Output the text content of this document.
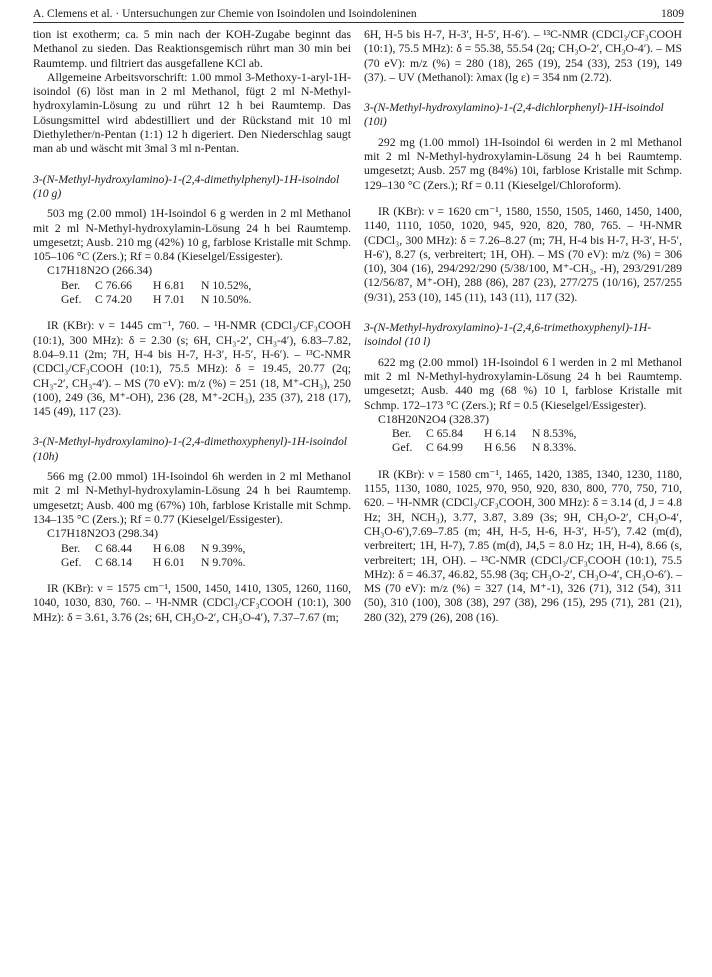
A. Clemens et al. · Untersuchungen zur Chemie von Isoindolen und Isoindoleninen	1809

tion ist exotherm; ca. 5 min nach der KOH-Zugabe beginnt das Methanol zu sieden. Das Reaktionsgemisch rührt man 30 min bei Raumtemp. und filtriert das ausgefallene KCl ab.

Allgemeine Arbeitsvorschrift: 1.00 mmol 3-Methoxy-1-aryl-1H-isoindol (6) löst man in 2 ml Methanol, fügt 2 ml N-Methyl-hydroxylamin-Lösung zu und rührt 12 h bei Raumtemp. Das Lösungsmittel wird abdestilliert und der Rückstand mit 10 ml Diethylether/n-Pentan (1:1) 12 h digeriert. Den Niederschlag saugt man ab und wäscht mit 3mal 3 ml n-Pentan.

3-(N-Methyl-hydroxylamino)-1-(2,4-dimethylphenyl)-1H-isoindol (10 g)

503 mg (2.00 mmol) 1H-Isoindol 6 g werden in 2 ml Methanol mit 2 ml N-Methyl-hydroxylamin-Lösung 24 h bei Raumtemp. umgesetzt; Ausb. 210 mg (42%) 10 g, farblose Kristalle mit Schmp. 105–106 °C (Zers.); Rf = 0.84 (Kieselgel/Essigester).

C17H18N2O (266.34)

Ber.	C 76.66	H 6.81	N 10.52%,
Gef.	C 74.20	H 7.01	N 10.50%.

IR (KBr): ν = 1445 cm⁻¹, 760. – ¹H-NMR (CDCl₃/CF₃COOH (10:1), 300 MHz): δ = 2.30 (s; 6H, CH₃-2′, CH₃-4′), 6.83–7.82, 8.04–9.11 (2m; 7H, H-4 bis H-7, H-3′, H-5′, H-6′). – ¹³C-NMR (CDCl₃/CF₃COOH (10:1), 75.5 MHz): δ = 19.45, 20.77 (2q; CH₃-2′, CH₃-4′). – MS (70 eV): m/z (%) = 251 (18, M⁺-CH₃), 250 (100), 249 (36, M⁺-OH), 236 (28, M⁺-2CH₃), 235 (37), 218 (17), 145 (49), 117 (23).

3-(N-Methyl-hydroxylamino)-1-(2,4-dimethoxyphenyl)-1H-isoindol (10h)

566 mg (2.00 mmol) 1H-Isoindol 6h werden in 2 ml Methanol mit 2 ml N-Methyl-hydroxylamin-Lösung 24 h bei Raumtemp. umgesetzt; Ausb. 400 mg (67%) 10h, farblose Kristalle mit Schmp. 134–135 °C (Zers.); Rf = 0.77 (Kieselgel/Essigester).

C17H18N2O3 (298.34)

Ber.	C 68.44	H 6.08	N 9.39%,
Gef.	C 68.14	H 6.01	N 9.70%.

IR (KBr): ν = 1575 cm⁻¹, 1500, 1450, 1410, 1305, 1260, 1160, 1040, 1030, 830, 760. – ¹H-NMR (CDCl₃/CF₃COOH (10:1), 300 MHz): δ = 3.61, 3.76 (2s; 6H, CH₃O-2′, CH₃O-4′), 7.37–7.67 (m;

6H, H-5 bis H-7, H-3′, H-5′, H-6′). – ¹³C-NMR (CDCl₃/CF₃COOH (10:1), 75.5 MHz): δ = 55.38, 55.54 (2q; CH₃O-2′, CH₃O-4′). – MS (70 eV): m/z (%) = 280 (18), 265 (19), 254 (33), 253 (19), 149 (37). – UV (Methanol): λmax (lg ε) = 354 nm (2.72).

3-(N-Methyl-hydroxylamino)-1-(2,4-dichlorphenyl)-1H-isoindol (10i)

292 mg (1.00 mmol) 1H-Isoindol 6i werden in 2 ml Methanol mit 2 ml N-Methyl-hydroxylamin-Lösung 24 h bei Raumtemp. umgesetzt; Ausb. 257 mg (84%) 10i, farblose Kristalle mit Schmp. 129–130 °C (Zers.); Rf = 0.11 (Kieselgel/Chloroform).

IR (KBr): ν = 1620 cm⁻¹, 1580, 1550, 1505, 1460, 1450, 1400, 1140, 1110, 1050, 1020, 945, 920, 820, 780, 765. – ¹H-NMR (CDCl₃, 300 MHz): δ = 7.26–8.27 (m; 7H, H-4 bis H-7, H-3′, H-5′, H-6′), 8.27 (s, verbreitert; 1H, OH). – MS (70 eV): m/z (%) = 306 (10), 304 (16), 294/292/290 (5/38/100, M⁺-CH₃, -H), 293/291/289 (12/56/87, M⁺-OH), 288 (86), 287 (23), 277/275 (10/16), 257/255 (9/31), 253 (10), 145 (11), 143 (11), 117 (32).

3-(N-Methyl-hydroxylamino)-1-(2,4,6-trimethoxyphenyl)-1H-isoindol (10 l)

622 mg (2.00 mmol) 1H-Isoindol 6 l werden in 2 ml Methanol mit 2 ml N-Methyl-hydroxylamin-Lösung 24 h bei Raumtemp. umgesetzt; Ausb. 440 mg (68 %) 10 l, farblose Kristalle mit Schmp. 172–173 °C (Zers.); Rf = 0.5 (Kieselgel/Essigester).

C18H20N2O4 (328.37)

Ber.	C 65.84	H 6.14	N 8.53%,
Gef.	C 64.99	H 6.56	N 8.33%.

IR (KBr): ν = 1580 cm⁻¹, 1465, 1420, 1385, 1340, 1230, 1180, 1155, 1130, 1080, 1025, 970, 950, 920, 830, 800, 770, 750, 710, 620. – ¹H-NMR (CDCl₃/CF₃COOH, 300 MHz): δ = 3.14 (d, J = 4.8 Hz; 3H, NCH₃), 3.77, 3.87, 3.89 (3s; 9H, CH₃O-2′, CH₃O-4′, CH₃O-6′),7.69–7.85 (m; 4H, H-5, H-6, H-3′, H-5′), 7.42 (m(d), verbreitert; 1H, H-7), 7.85 (m(d), J4,5 = 8.0 Hz; 1H, H-4), 8.66 (s, verbreitert; 1H, OH). – ¹³C-NMR (CDCl₃/CF₃COOH (10:1), 75.5 MHz): δ = 46.37, 46.82, 55.98 (3q; CH₃O-2′, CH₃O-4′, CH₃O-6′). – MS (70 eV): m/z (%) = 327 (14, M⁺-1), 326 (71), 312 (54), 311 (50), 310 (100), 308 (38), 297 (38), 296 (15), 295 (71), 281 (21), 280 (32), 279 (26), 208 (16).
